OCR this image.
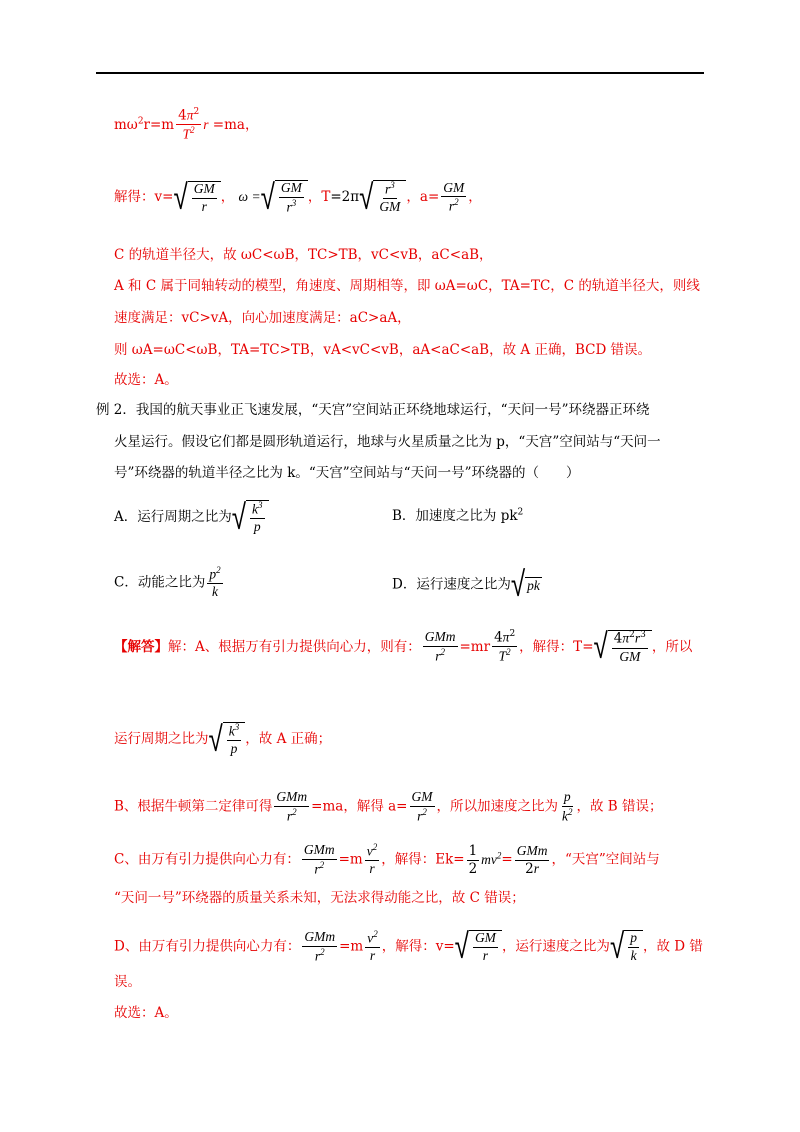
$m\omega^2r=m \frac{4\pi^2}{T^2}$ r =ma，
解得：v= √ $\frac{GM}{r}$ ， ω = √ $\frac{GM}{r^3}$ ，T=2π √ $\frac{r^3}{GM}$ ，$a= \frac{GM}{r^2}$ ，
C 的轨道半径大，故 ωC<ωB，TC>TB，vC<vB，aC<aB，
A 和 C 属于同轴转动的模型，角速度、周期相等，即 ωA=ωC，TA=TC，C 的轨道半径大，则线
速度满足：vC>vA，向心加速度满足：aC>aA，
则 ωA=ωC<ωB，TA=TC>TB，vA<vC<vB，aA<aC<aB，故 A 正确，BCD 错误。
故选：A。
例 2．我国的航天事业正飞速发展，“天宫”空间站正环绕地球运行，“天问一号”环绕器正环绕
火星运行。假设它们都是圆形轨道运行，地球与火星质量之比为 p，“天宫”空间站与“天问一
号”环绕器的轨道半径之比为 k。“天宫”空间站与“天问一号”环绕器的（　　）
A．运行周期之比为 √ $\frac{k^3}{p}$	B．加速度之比为 $pk^2$
C．动能之比为 $\frac{p^2}{k}$	D．运行速度之比为 √ pk
【解答】解：A、根据万有引力提供向心力，则有： $\frac{\text{GMm}}{r^2} =mr \frac{4\pi^2}{T^2}$ ，解得：T= √ $\frac{4\pi^2r^3}{GM}$ ，所以
运行周期之比为 √ $\frac{k^3}{p}$ ，故 A 正确；
B、根据牛顿第二定律可得 $\frac{\text{GMm}}{r^2} =ma$，解得 $a= \frac{GM}{r^2}$ ，所以加速度之比为 $\frac{p}{k^2}$ ，故 B 错误；
C、由万有引力提供向心力有： $\frac{\text{GMm}}{r^2} =m \frac{v^2}{r}$ ，解得：$Ek= \frac{1}{2} mv^2= \frac{\text{GMm}}{2r}$ ，“天宫”空间站与
“天问一号”环绕器的质量关系未知，无法求得动能之比，故 C 错误；
D、由万有引力提供向心力有： $\frac{\text{GMm}}{r^2} =m \frac{v^2}{r}$ ，解得：v= √ $\frac{GM}{r}$ ，运行速度之比为 √ $\frac{p}{k}$ ，故 D 错
误。
故选：A。
